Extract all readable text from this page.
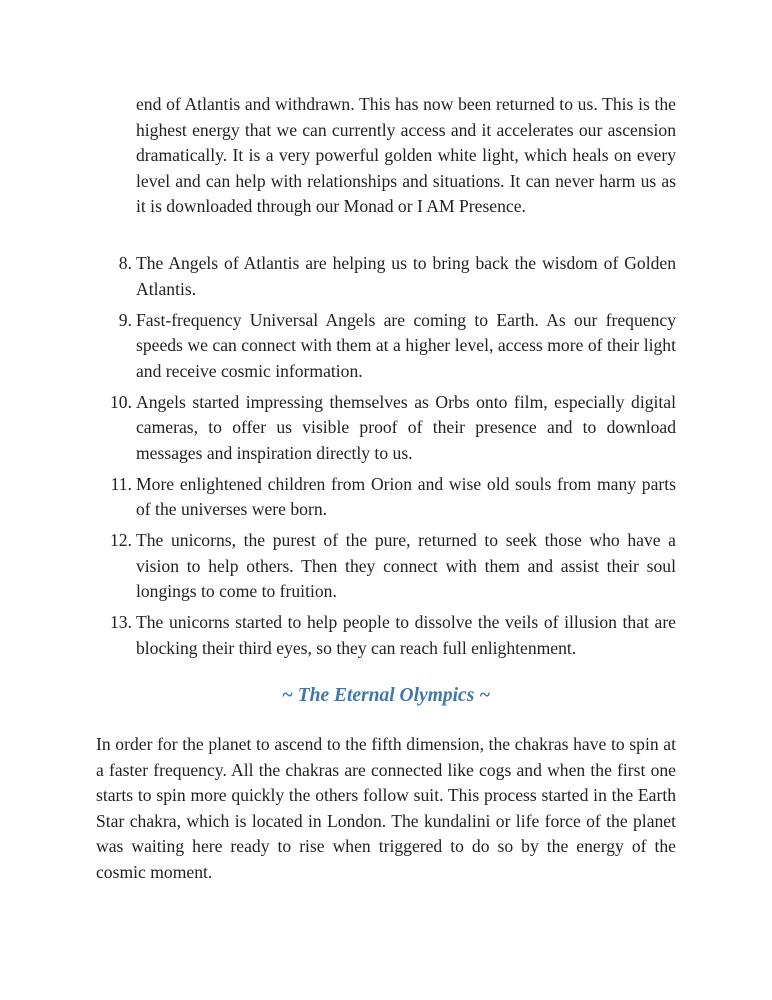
end of Atlantis and withdrawn. This has now been returned to us. This is the highest energy that we can currently access and it accelerates our ascension dramatically. It is a very powerful golden white light, which heals on every level and can help with relationships and situations. It can never harm us as it is downloaded through our Monad or I AM Presence.

8. The Angels of Atlantis are helping us to bring back the wisdom of Golden Atlantis.
9. Fast-frequency Universal Angels are coming to Earth. As our frequency speeds we can connect with them at a higher level, access more of their light and receive cosmic information.
10. Angels started impressing themselves as Orbs onto film, especially digital cameras, to offer us visible proof of their presence and to download messages and inspiration directly to us.
11. More enlightened children from Orion and wise old souls from many parts of the universes were born.
12. The unicorns, the purest of the pure, returned to seek those who have a vision to help others. Then they connect with them and assist their soul longings to come to fruition.
13. The unicorns started to help people to dissolve the veils of illusion that are blocking their third eyes, so they can reach full enlightenment.
~ The Eternal Olympics ~

In order for the planet to ascend to the fifth dimension, the chakras have to spin at a faster frequency. All the chakras are connected like cogs and when the first one starts to spin more quickly the others follow suit. This process started in the Earth Star chakra, which is located in London. The kundalini or life force of the planet was waiting here ready to rise when triggered to do so by the energy of the cosmic moment.
